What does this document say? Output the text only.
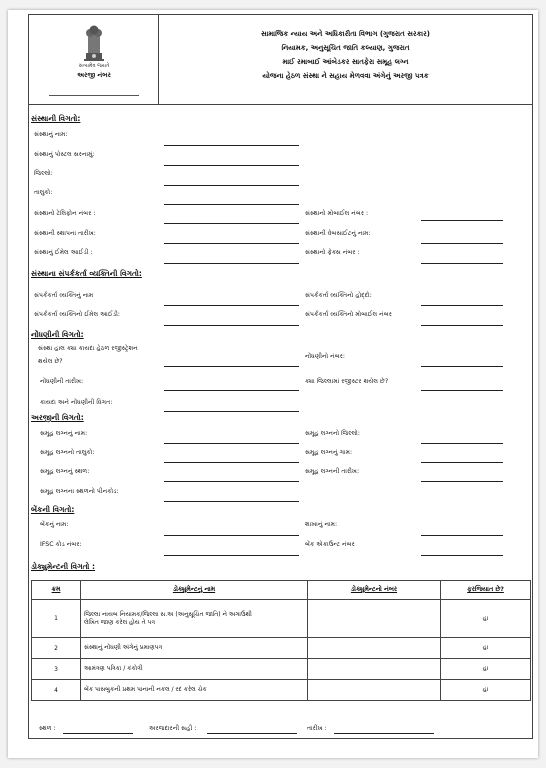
સત્યમેવ જયતે
અરજી નંબર
સામાજિક ન્યાય અને અધિકારીતા વિભાગ (ગુજરાત સરકાર)
નિયામક, અનુસૂચિત જાતિ કલ્યાણ, ગુજરાત
માઈ રમાબાઈ આંબેડકર સાતફેરા સમૂહ લગ્ન
યોજના હેઠળ સંસ્થા ને સહાય મેળવવા અંગેનું અરજી પત્રક
સંસ્થાની વિગતો:
સંસ્થાનું નામ:
સંસ્થાનું પોસ્ટલ સરનામું:
જિલ્લો:
તાલુકો:
સંસ્થાનો ટેલિફોન નંબર :	સંસ્થાનો મોબાઈલ નંબર :
સંસ્થાની સ્થાપના તારીખ:	સંસ્થાની વેબસાઈટનું નામ:
સંસ્થાનું ઈમેલ આઈડી :	સંસ્થાનો ફેક્સ નંબર :
સંસ્થાના સંપર્કકર્તા વ્યક્તિની વિગતો:
સંપર્કકર્તા વ્યક્તિનું નામ	સંપર્કકર્તા વ્યક્તિનો હોદ્દો:
સંપર્કકર્તા વ્યક્તિનો ઈમેલ આઈડી:	સંપર્કકર્તા વ્યક્તિનો મોબાઈલ નંબર
નોંધણીની વિગતો:
સંસ્થા હાલ ક્યા કાયદા હેઠળ રજીસ્ટ્રેશન
થયેલ છે?
નોંધણીનો નંબર:
નોંધણીની તારીખ:	ક્યા જિલ્લામાં રજીસ્ટર થયેલ છે?
કાયદા અને નોંધણીની વિગત:
અરજીની વિગતો:
સમૂહ લગ્નનું નામ:	સમૂહ લગ્નનો જિલ્લો:
સમૂહ લગ્નનો તાલુકો:	સમૂહ લગ્નનું ગામ:
સમૂહ લગ્નનું સ્થળ:	સમૂહ લગ્નની તારીખ:
સમૂહ લગ્નના સ્થળનો પીનકોડ:
બેંકની વિગતો:
બેંકનું નામ:	શાખાનું નામ:
IFSC કોડ નંબર:	બેંક એકાઉન્ટ નંબર
ડોક્યુમેન્ટની વિગતો :
ક્રમ	ડોક્યુમેન્ટનું નામ	ડોક્યુમેન્ટનો નંબર	ફરજિયાત છે?
1	જિલ્લા નાયબ નિયામક/જિલ્લા સ.અ (અનુસૂચિત જાતિ) ને અગાઉથી
લેખિત જાણ કરેલ હોય તે પત્ર		હા
2	સંસ્થાનું નોંધણી અંગેનું પ્રમાણપત્ર		હા
3	આમંત્રણ પત્રિકા / કંકોત્રી		હા
4	બેંક પાસબુકની પ્રથમ પાનાની નકલ / રદ કરેલ ચેક		હા
સ્થળ :	અરજદારની સહી :	તારીખ :
